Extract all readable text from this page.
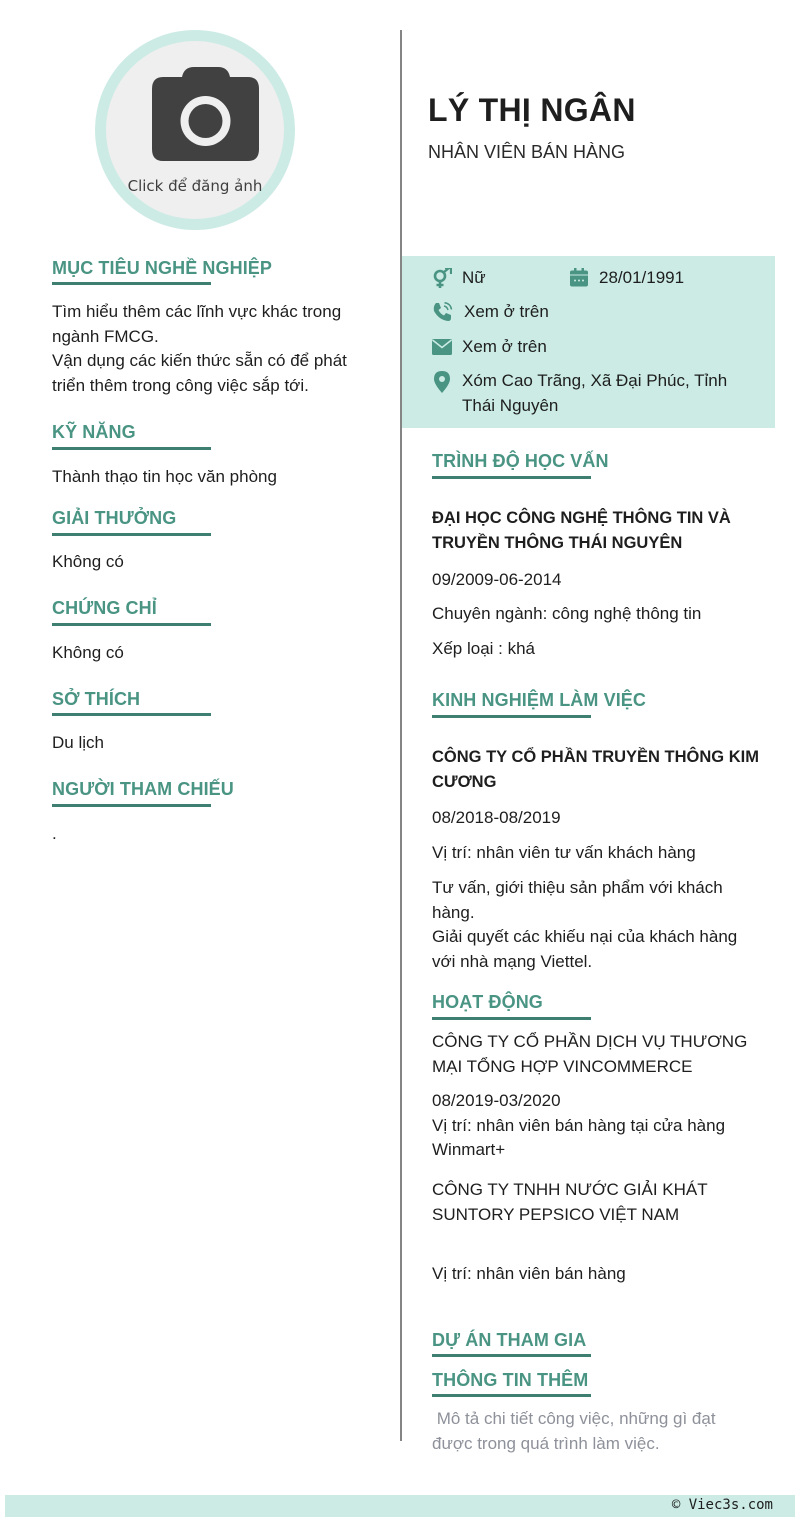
Click để đăng ảnh
LÝ THỊ NGÂN
NHÂN VIÊN BÁN HÀNG
Nữ	28/01/1991
Xem ở trên
Xem ở trên
Xóm Cao Trãng, Xã Đại Phúc, Tỉnh
Thái Nguyên
MỤC TIÊU NGHỀ NGHIỆP
Tìm hiểu thêm các lĩnh vực khác trong
ngành FMCG.
Vận dụng các kiến thức sẵn có để phát
triển thêm trong công việc sắp tới.
KỸ NĂNG
Thành thạo tin học văn phòng
GIẢI THƯỞNG
Không có
CHỨNG CHỈ
Không có
SỞ THÍCH
Du lịch
NGƯỜI THAM CHIẾU
.
TRÌNH ĐỘ HỌC VẤN
ĐẠI HỌC CÔNG NGHỆ THÔNG TIN VÀ
TRUYỀN THÔNG THÁI NGUYÊN
09/2009-06-2014
Chuyên ngành: công nghệ thông tin
Xếp loại : khá
KINH NGHIỆM LÀM VIỆC
CÔNG TY CỔ PHẦN TRUYỀN THÔNG KIM
CƯƠNG
08/2018-08/2019
Vị trí: nhân viên tư vấn khách hàng
Tư vấn, giới thiệu sản phẩm với khách
hàng.
Giải quyết các khiếu nại của khách hàng
với nhà mạng Viettel.
HOẠT ĐỘNG
CÔNG TY CỔ PHẦN DỊCH VỤ THƯƠNG
MẠI TỔNG HỢP VINCOMMERCE
08/2019-03/2020
Vị trí: nhân viên bán hàng tại cửa hàng
Winmart+
CÔNG TY TNHH NƯỚC GIẢI KHÁT
SUNTORY PEPSICO VIỆT NAM
Vị trí: nhân viên bán hàng
DỰ ÁN THAM GIA
THÔNG TIN THÊM
Mô tả chi tiết công việc, những gì đạt
được trong quá trình làm việc.
© Viec3s.com
